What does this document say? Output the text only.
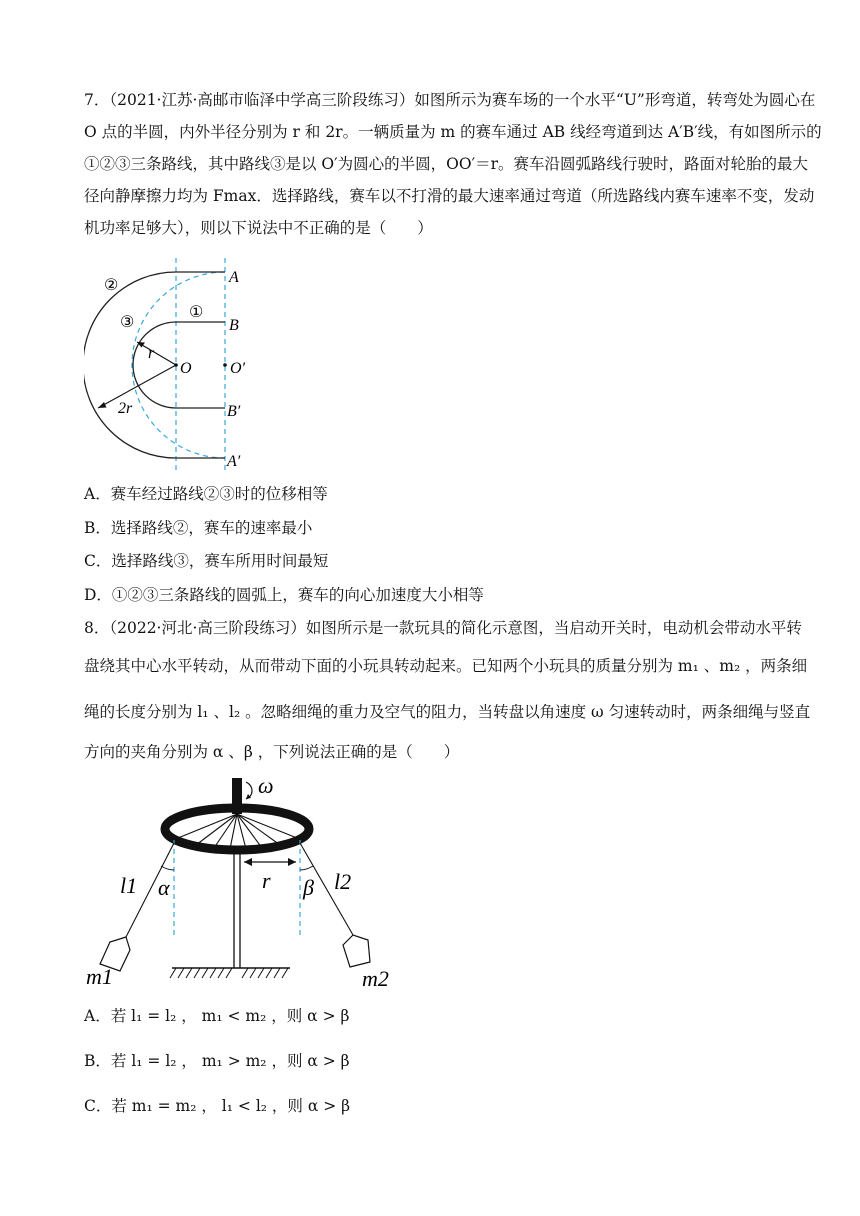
7．（2021·江苏·高邮市临泽中学高三阶段练习）如图所示为赛车场的一个水平“U”形弯道，转弯处为圆心在
O 点的半圆，内外半径分别为 r 和 2r。一辆质量为 m 的赛车通过 AB 线经弯道到达 A′B′线，有如图所示的
①②③三条路线，其中路线③是以 O′为圆心的半圆，OO′＝r。赛车沿圆弧路线行驶时，路面对轮胎的最大
径向静摩擦力均为 Fmax．选择路线，赛车以不打滑的最大速率通过弯道（所选路线内赛车速率不变，发动
机功率足够大），则以下说法中不正确的是（　　）
A
B
O O′
B′
A′
①
②
③
r
2r
A．赛车经过路线②③时的位移相等
B．选择路线②，赛车的速率最小
C．选择路线③，赛车所用时间最短
D．①②③三条路线的圆弧上，赛车的向心加速度大小相等
8．（2022·河北·高三阶段练习）如图所示是一款玩具的简化示意图，当启动开关时，电动机会带动水平转
盘绕其中心水平转动，从而带动下面的小玩具转动起来。已知两个小玩具的质量分别为 m₁ 、m₂ ，两条细
绳的长度分别为 l₁ 、l₂ 。忽略细绳的重力及空气的阻力，当转盘以角速度 ω 匀速转动时，两条细绳与竖直
方向的夹角分别为 α 、β ，下列说法正确的是（　　）
ω
l1 α	r β l2
m1	m2
A．若 l₁ = l₂ ， m₁ < m₂ ，则 α > β
B．若 l₁ = l₂ ， m₁ > m₂ ，则 α > β
C．若 m₁ = m₂ ， l₁ < l₂ ，则 α > β
